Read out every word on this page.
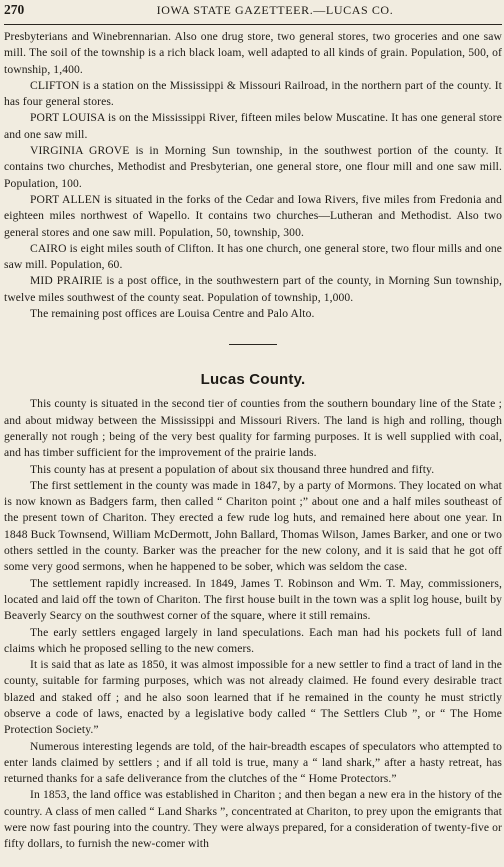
270	IOWA STATE GAZETTEER.—LUCAS CO.

Presbyterians and Winebrennarian. Also one drug store, two general stores, two groceries and one saw mill. The soil of the township is a rich black loam, well adapted to all kinds of grain. Population, 500, of township, 1,400.

CLIFTON is a station on the Mississippi & Missouri Railroad, in the northern part of the county. It has four general stores.

PORT LOUISA is on the Mississippi River, fifteen miles below Muscatine. It has one general store and one saw mill.

VIRGINIA GROVE is in Morning Sun township, in the southwest portion of the county. It contains two churches, Methodist and Presbyterian, one general store, one flour mill and one saw mill. Population, 100.

PORT ALLEN is situated in the forks of the Cedar and Iowa Rivers, five miles from Fredonia and eighteen miles northwest of Wapello. It contains two churches—Lutheran and Methodist. Also two general stores and one saw mill. Population, 50, township, 300.

CAIRO is eight miles south of Clifton. It has one church, one general store, two flour mills and one saw mill. Population, 60.

MID PRAIRIE is a post office, in the southwestern part of the county, in Morning Sun township, twelve miles southwest of the county seat. Population of township, 1,000.

The remaining post offices are Louisa Centre and Palo Alto.

Lucas County.

This county is situated in the second tier of counties from the southern boundary line of the State ; and about midway between the Mississippi and Missouri Rivers. The land is high and rolling, though generally not rough ; being of the very best quality for farming purposes. It is well supplied with coal, and has timber sufficient for the improvement of the prairie lands.

This county has at present a population of about six thousand three hundred and fifty.

The first settlement in the county was made in 1847, by a party of Mormons. They located on what is now known as Badgers farm, then called “ Chariton point ;” about one and a half miles southeast of the present town of Chariton. They erected a few rude log huts, and remained here about one year. In 1848 Buck Townsend, William McDermott, John Ballard, Thomas Wilson, James Barker, and one or two others settled in the county. Barker was the preacher for the new colony, and it is said that he got off some very good sermons, when he happened to be sober, which was seldom the case.

The settlement rapidly increased. In 1849, James T. Robinson and Wm. T. May, commissioners, located and laid off the town of Chariton. The first house built in the town was a split log house, built by Beaverly Searcy on the southwest corner of the square, where it still remains.

The early settlers engaged largely in land speculations. Each man had his pockets full of land claims which he proposed selling to the new comers.

It is said that as late as 1850, it was almost impossible for a new settler to find a tract of land in the county, suitable for farming purposes, which was not already claimed. He found every desirable tract blazed and staked off ; and he also soon learned that if he remained in the county he must strictly observe a code of laws, enacted by a legislative body called “ The Settlers Club ”, or “ The Home Protection Society.”

Numerous interesting legends are told, of the hair-breadth escapes of speculators who attempted to enter lands claimed by settlers ; and if all told is true, many a “ land shark,” after a hasty retreat, has returned thanks for a safe deliverance from the clutches of the “ Home Protectors.”

In 1853, the land office was established in Chariton ; and then began a new era in the history of the country. A class of men called “ Land Sharks ”, concentrated at Chariton, to prey upon the emigrants that were now fast pouring into the country. They were always prepared, for a consideration of twenty-five or fifty dollars, to furnish the new-comer with
